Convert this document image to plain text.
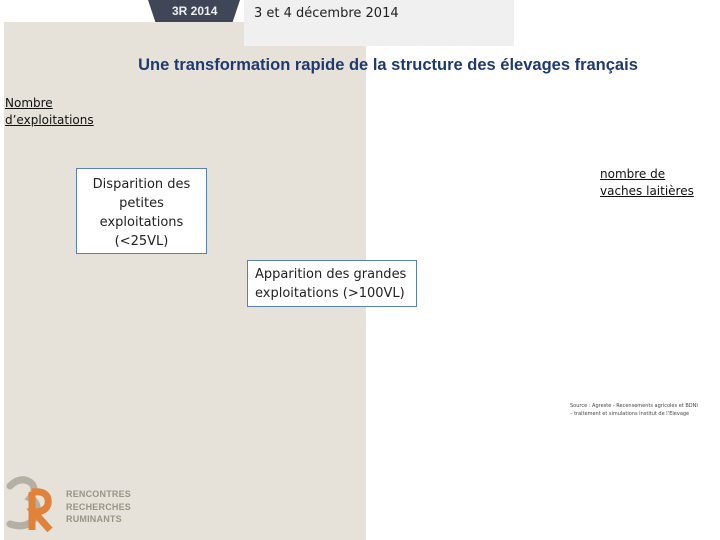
3R 2014	3 et 4 décembre 2014
Une transformation rapide de la structure des élevages français
Nombre
d’exploitations
nombre de
vaches laitières
Disparition des
petites
exploitations
(<25VL)
Apparition des grandes
exploitations (>100VL)
Source : Agreste - Recensements agricoles et BDNI
– traitement et simulations Institut de l’Elevage
RENCONTRES
RECHERCHES
RUMINANTS
